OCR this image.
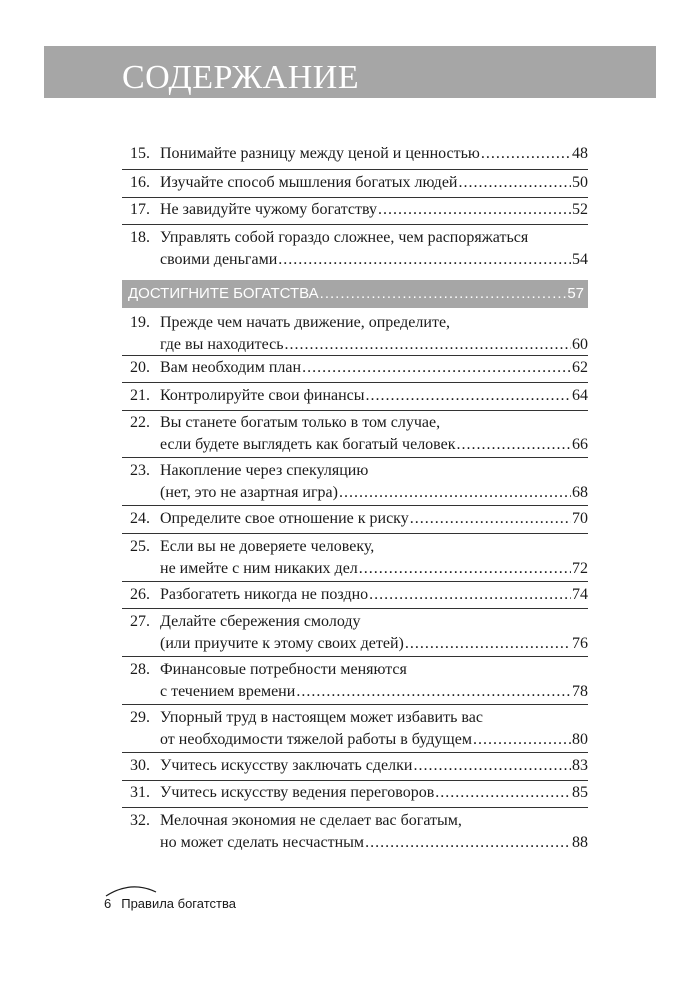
СОДЕРЖАНИЕ
15. Понимайте разницу между ценой и ценностью .....	48
16. Изучайте способ мышления богатых людей .....	50
17. Не завидуйте чужому богатству .....	52
18. Управлять собой гораздо сложнее, чем распоряжаться
своими деньгами .....	54
ДОСТИГНИТЕ БОГАТСТВА .....	57
19. Прежде чем начать движение, определите,
где вы находитесь .....	60
20. Вам необходим план .....	62
21. Контролируйте свои финансы .....	64
22. Вы станете богатым только в том случае,
если будете выглядеть как богатый человек .....	66
23. Накопление через спекуляцию
(нет, это не азартная игра) .....	68
24. Определите свое отношение к риску .....	70
25. Если вы не доверяете человеку,
не имейте с ним никаких дел .....	72
26. Разбогатеть никогда не поздно .....	74
27. Делайте сбережения смолоду
(или приучите к этому своих детей) .....	76
28. Финансовые потребности меняются
с течением времени .....	78
29. Упорный труд в настоящем может избавить вас
от необходимости тяжелой работы в будущем .....	80
30. Учитесь искусству заключать сделки .....	83
31. Учитесь искусству ведения переговоров .....	85
32. Мелочная экономия не сделает вас богатым,
но может сделать несчастным .....	88
6 Правила богатства
